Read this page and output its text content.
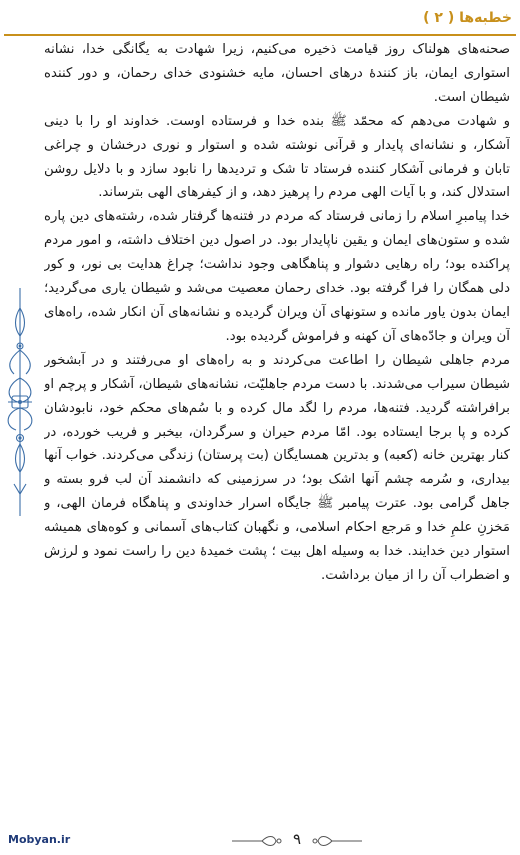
خطبه‌ها ( ۲ )

صحنه‌های هولناک روز قیامت ذخیره می‌کنیم، زیرا شهادت به یگانگی خدا، نشانه استواری ایمان، باز کنندهٔ درهای احسان، مایه خشنودی خدای رحمان، و دور کننده شیطان است.

و شهادت می‌دهم که محمّد ﷺ بنده خدا و فرستاده اوست. خداوند او را با دینی آشکار، و نشانه‌ای پایدار و قرآنی نوشته شده و استوار و نوری درخشان و چراغی تابان و فرمانی آشکار کننده فرستاد تا شک و تردیدها را نابود سازد و با دلایل روشن استدلال کند، و با آیات الهی مردم را پرهیز دهد، و از کیفرهای الهی بترساند.

خدا پیامبرِ اسلام را زمانی فرستاد که مردم در فتنه‌ها گرفتار شده، رشته‌های دین پاره شده و ستون‌های ایمان و یقین ناپایدار بود. در اصول دین اختلاف داشته، و امور مردم پراکنده بود؛ راه رهایی دشوار و پناهگاهی وجود نداشت؛ چراغ هدایت بی نور، و کور دلی همگان را فرا گرفته بود. خدای رحمان معصیت می‌شد و شیطان یاری می‌گردید؛ ایمان بدون یاور مانده و ستونهای آن ویران گردیده و نشانه‌های آن انکار شده، راه‌های آن ویران و جادّه‌های آن کهنه و فراموش گردیده بود.

مردم جاهلی شیطان را اطاعت می‌کردند و به راه‌های او می‌رفتند و در آبشخور شیطان سیراب می‌شدند. با دست مردم جاهلیّت، نشانه‌های شیطان، آشکار و پرچم او برافراشته گردید. فتنه‌ها، مردم را لگد مال کرده و با سُم‌های محکم خود، نابودشان کرده و پا برجا ایستاده بود. امّا مردم حیران و سرگردان، بیخبر و فریب خورده، در کنار بهترین خانه (کعبه) و بدترین همسایگان (بت پرستان) زندگی می‌کردند. خواب آنها بیداری، و سُرمه چشم آنها اشک بود؛ در سرزمینی که دانشمند آن لب فرو بسته و جاهل گرامی بود. عترت پیامبر ﷺ جایگاه اسرار خداوندی و پناهگاه فرمان الهی، و مَخزنِ علمِ خدا و مَرجع احکام اسلامی، و نگهبان کتاب‌های آسمانی و کوه‌های همیشه استوار دین خدایند. خدا به وسیله اهل بیت ؛ پشت خمیدهٔ دین را راست نمود و لرزش و اضطراب آن را از میان برداشت.

Mobyan.ir	۹
